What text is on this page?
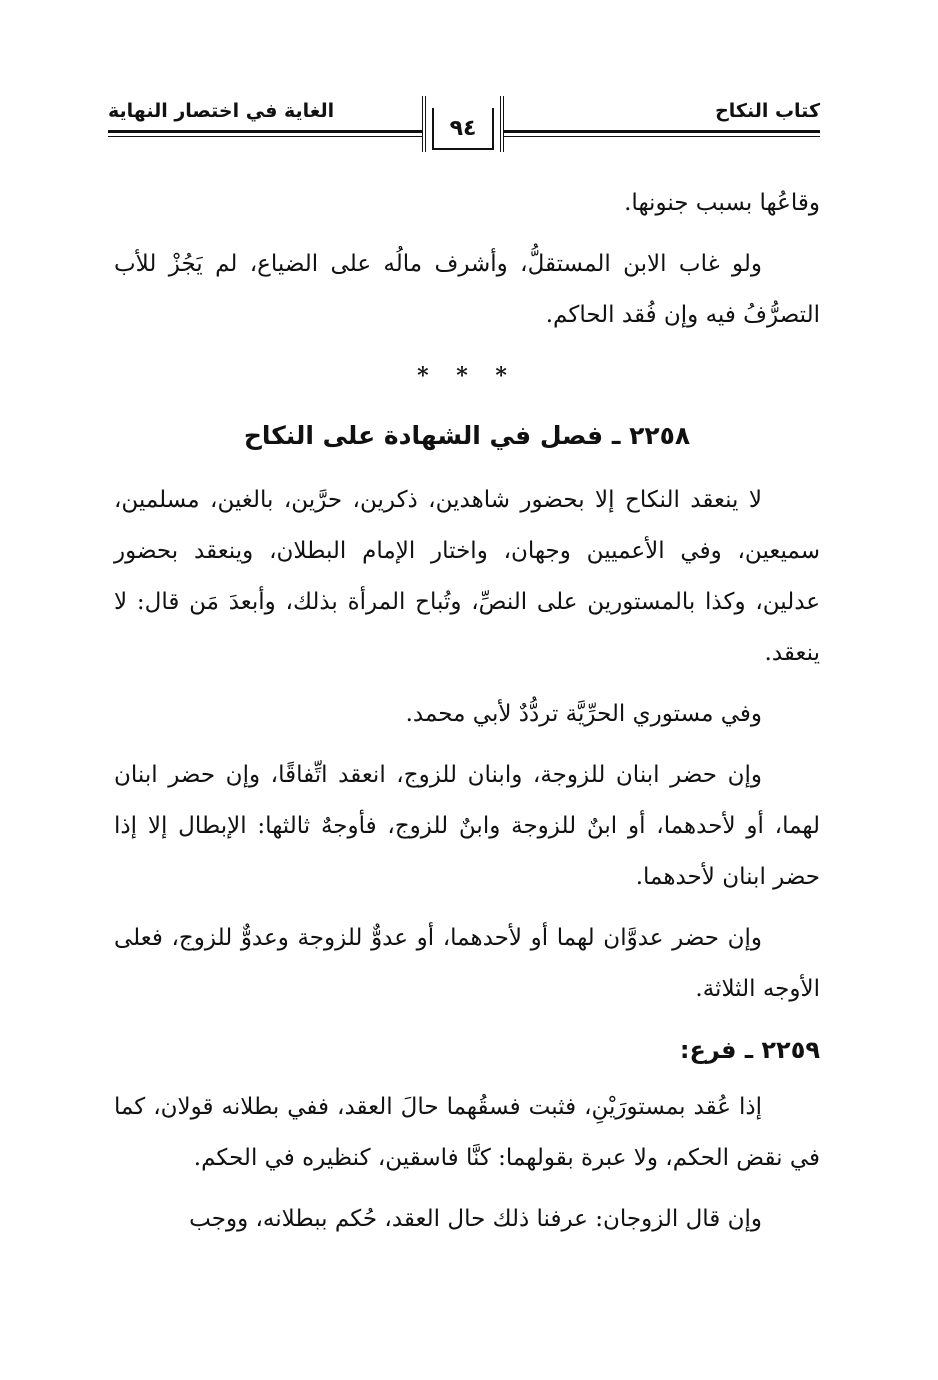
كتاب النكاح
الغاية في اختصار النهاية
٩٤

وقاعُها بسبب جنونها.

ولو غاب الابن المستقلُّ، وأشرف مالُه على الضياع، لم يَجُزْ للأب التصرُّفُ فيه وإن فُقد الحاكم.

* * *
٢٢٥٨ ـ فصل في الشهادة على النكاح

لا ينعقد النكاح إلا بحضور شاهدين، ذكرين، حرَّين، بالغين، مسلمين، سميعين، وفي الأعميين وجهان، واختار الإمام البطلان، وينعقد بحضور عدلين، وكذا بالمستورين على النصِّ، وتُباح المرأة بذلك، وأبعدَ مَن قال: لا ينعقد.

وفي مستوري الحرِّيَّة تردُّدٌ لأبي محمد.

وإن حضر ابنان للزوجة، وابنان للزوج، انعقد اتِّفاقًا، وإن حضر ابنان لهما، أو لأحدهما، أو ابنٌ للزوجة وابنٌ للزوج، فأوجهٌ ثالثها: الإبطال إلا إذا حضر ابنان لأحدهما.

وإن حضر عدوَّان لهما أو لأحدهما، أو عدوٌّ للزوجة وعدوٌّ للزوج، فعلى الأوجه الثلاثة.

٢٢٥٩ ـ فرع:

إذا عُقد بمستورَيْنِ، فثبت فسقُهما حالَ العقد، ففي بطلانه قولان، كما في نقض الحكم، ولا عبرة بقولهما: كنَّا فاسقين، كنظيره في الحكم.

وإن قال الزوجان: عرفنا ذلك حال العقد، حُكم ببطلانه، ووجب
